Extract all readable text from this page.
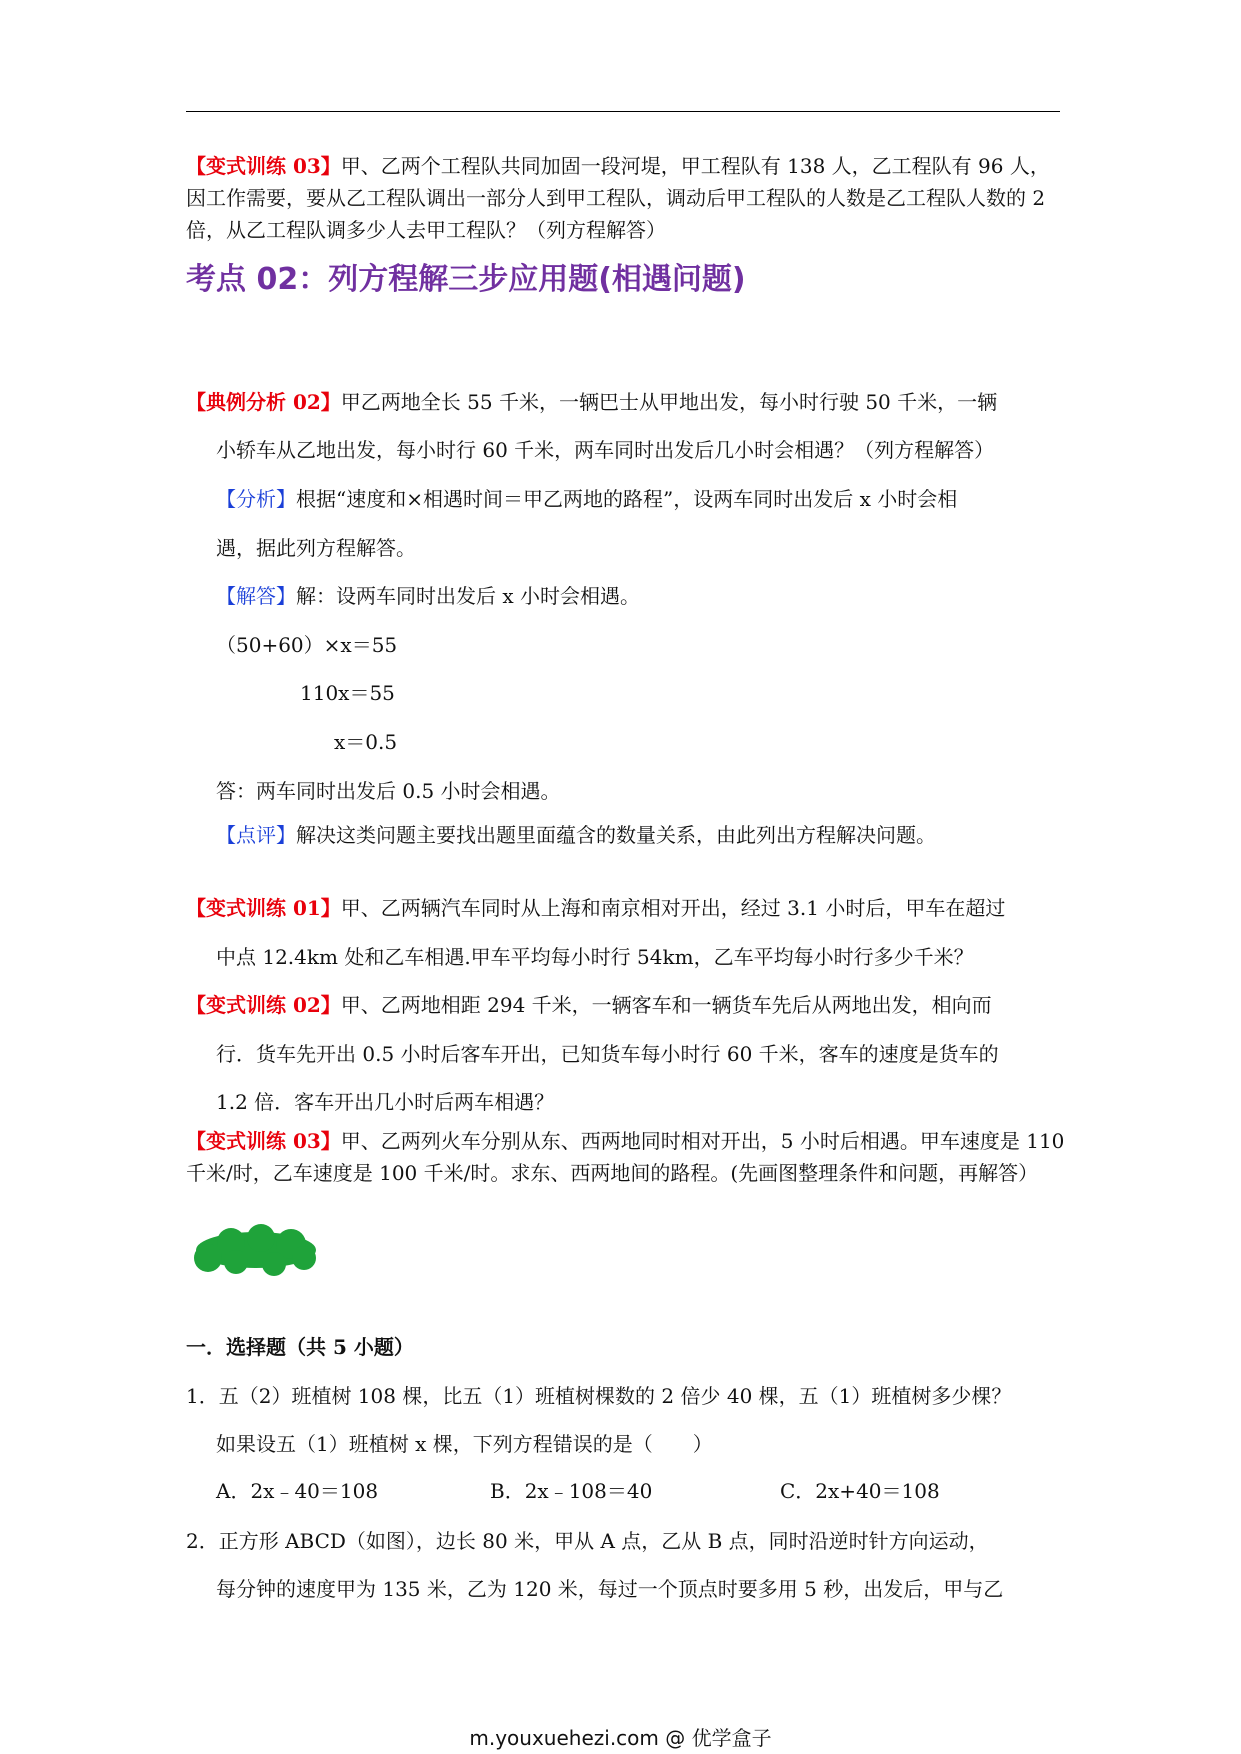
【变式训练 03】甲、乙两个工程队共同加固一段河堤，甲工程队有 138 人，乙工程队有 96 人，因工作需要，要从乙工程队调出一部分人到甲工程队，调动后甲工程队的人数是乙工程队人数的 2 倍，从乙工程队调多少人去甲工程队？（列方程解答）

考点 02：列方程解三步应用题(相遇问题)

【典例分析 02】甲乙两地全长 55 千米，一辆巴士从甲地出发，每小时行驶 50 千米，一辆

小轿车从乙地出发，每小时行 60 千米，两车同时出发后几小时会相遇？（列方程解答）

【分析】根据“速度和×相遇时间＝甲乙两地的路程”，设两车同时出发后 x 小时会相

遇，据此列方程解答。

【解答】解：设两车同时出发后 x 小时会相遇。

（50+60）×x＝55

110x＝55

x＝0.5

答：两车同时出发后 0.5 小时会相遇。

【点评】解决这类问题主要找出题里面蕴含的数量关系，由此列出方程解决问题。

【变式训练 01】甲、乙两辆汽车同时从上海和南京相对开出，经过 3.1 小时后，甲车在超过

中点 12.4km 处和乙车相遇.甲车平均每小时行 54km，乙车平均每小时行多少千米？

【变式训练 02】甲、乙两地相距 294 千米，一辆客车和一辆货车先后从两地出发，相向而

行．货车先开出 0.5 小时后客车开出，已知货车每小时行 60 千米，客车的速度是货车的

1.2 倍．客车开出几小时后两车相遇？

【变式训练 03】甲、乙两列火车分别从东、西两地同时相对开出，5 小时后相遇。甲车速度是 110 千米/时，乙车速度是 100 千米/时。求东、西两地间的路程。(先画图整理条件和问题，再解答）

一．选择题（共 5 小题）

1．五（2）班植树 108 棵，比五（1）班植树棵数的 2 倍少 40 棵，五（1）班植树多少棵？

如果设五（1）班植树 x 棵，下列方程错误的是（　　）

A．2x﹣40＝108	B．2x﹣108＝40	C．2x+40＝108

2．正方形 ABCD（如图），边长 80 米，甲从 A 点，乙从 B 点，同时沿逆时针方向运动，

每分钟的速度甲为 135 米，乙为 120 米，每过一个顶点时要多用 5 秒，出发后，甲与乙

m.youxuehezi.com @ 优学盒子
